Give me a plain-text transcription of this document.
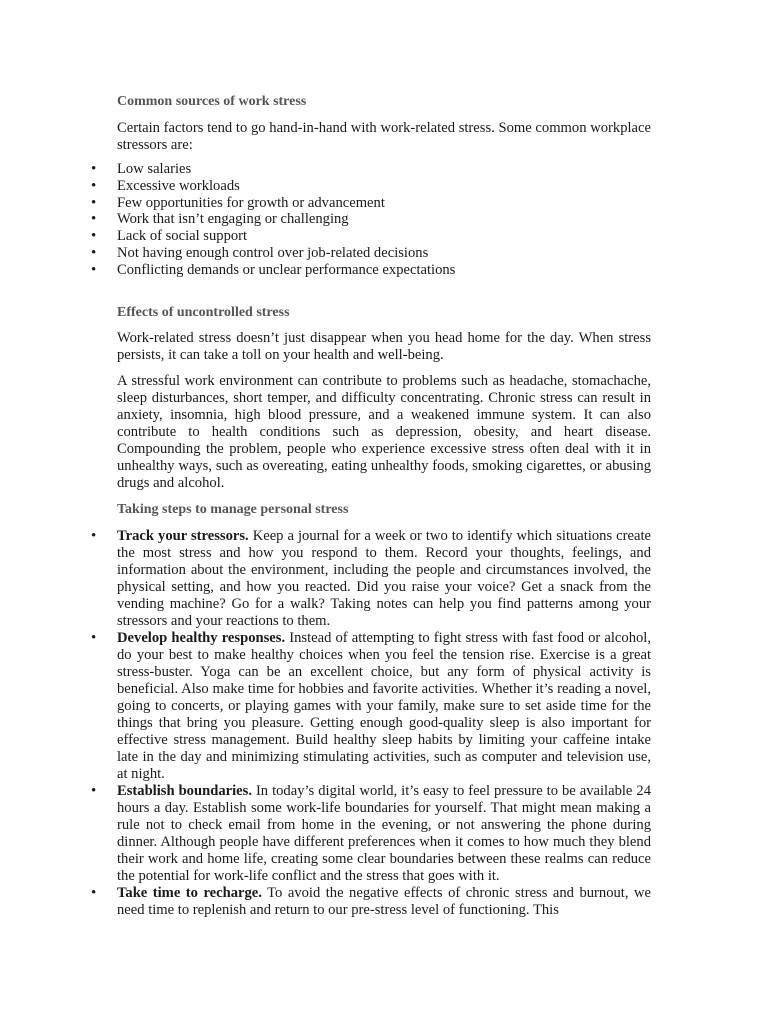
Common sources of work stress

Certain factors tend to go hand-in-hand with work-related stress. Some common workplace stressors are:

• Low salaries
• Excessive workloads
• Few opportunities for growth or advancement
• Work that isn’t engaging or challenging
• Lack of social support
• Not having enough control over job-related decisions
• Conflicting demands or unclear performance expectations
Effects of uncontrolled stress

Work-related stress doesn’t just disappear when you head home for the day. When stress persists, it can take a toll on your health and well-being.

A stressful work environment can contribute to problems such as headache, stomachache, sleep disturbances, short temper, and difficulty concentrating. Chronic stress can result in anxiety, insomnia, high blood pressure, and a weakened immune system. It can also contribute to health conditions such as depression, obesity, and heart disease. Compounding the problem, people who experience excessive stress often deal with it in unhealthy ways, such as overeating, eating unhealthy foods, smoking cigarettes, or abusing drugs and alcohol.

Taking steps to manage personal stress
• Track your stressors. Keep a journal for a week or two to identify which situations create the most stress and how you respond to them. Record your thoughts, feelings, and information about the environment, including the people and circumstances involved, the physical setting, and how you reacted. Did you raise your voice? Get a snack from the vending machine? Go for a walk? Taking notes can help you find patterns among your stressors and your reactions to them.
• Develop healthy responses. Instead of attempting to fight stress with fast food or alcohol, do your best to make healthy choices when you feel the tension rise. Exercise is a great stress-buster. Yoga can be an excellent choice, but any form of physical activity is beneficial. Also make time for hobbies and favorite activities. Whether it’s reading a novel, going to concerts, or playing games with your family, make sure to set aside time for the things that bring you pleasure. Getting enough good-quality sleep is also important for effective stress management. Build healthy sleep habits by limiting your caffeine intake late in the day and minimizing stimulating activities, such as computer and television use, at night.
• Establish boundaries. In today’s digital world, it’s easy to feel pressure to be available 24 hours a day. Establish some work-life boundaries for yourself. That might mean making a rule not to check email from home in the evening, or not answering the phone during dinner. Although people have different preferences when it comes to how much they blend their work and home life, creating some clear boundaries between these realms can reduce the potential for work-life conflict and the stress that goes with it.
• Take time to recharge. To avoid the negative effects of chronic stress and burnout, we need time to replenish and return to our pre-stress level of functioning. This
